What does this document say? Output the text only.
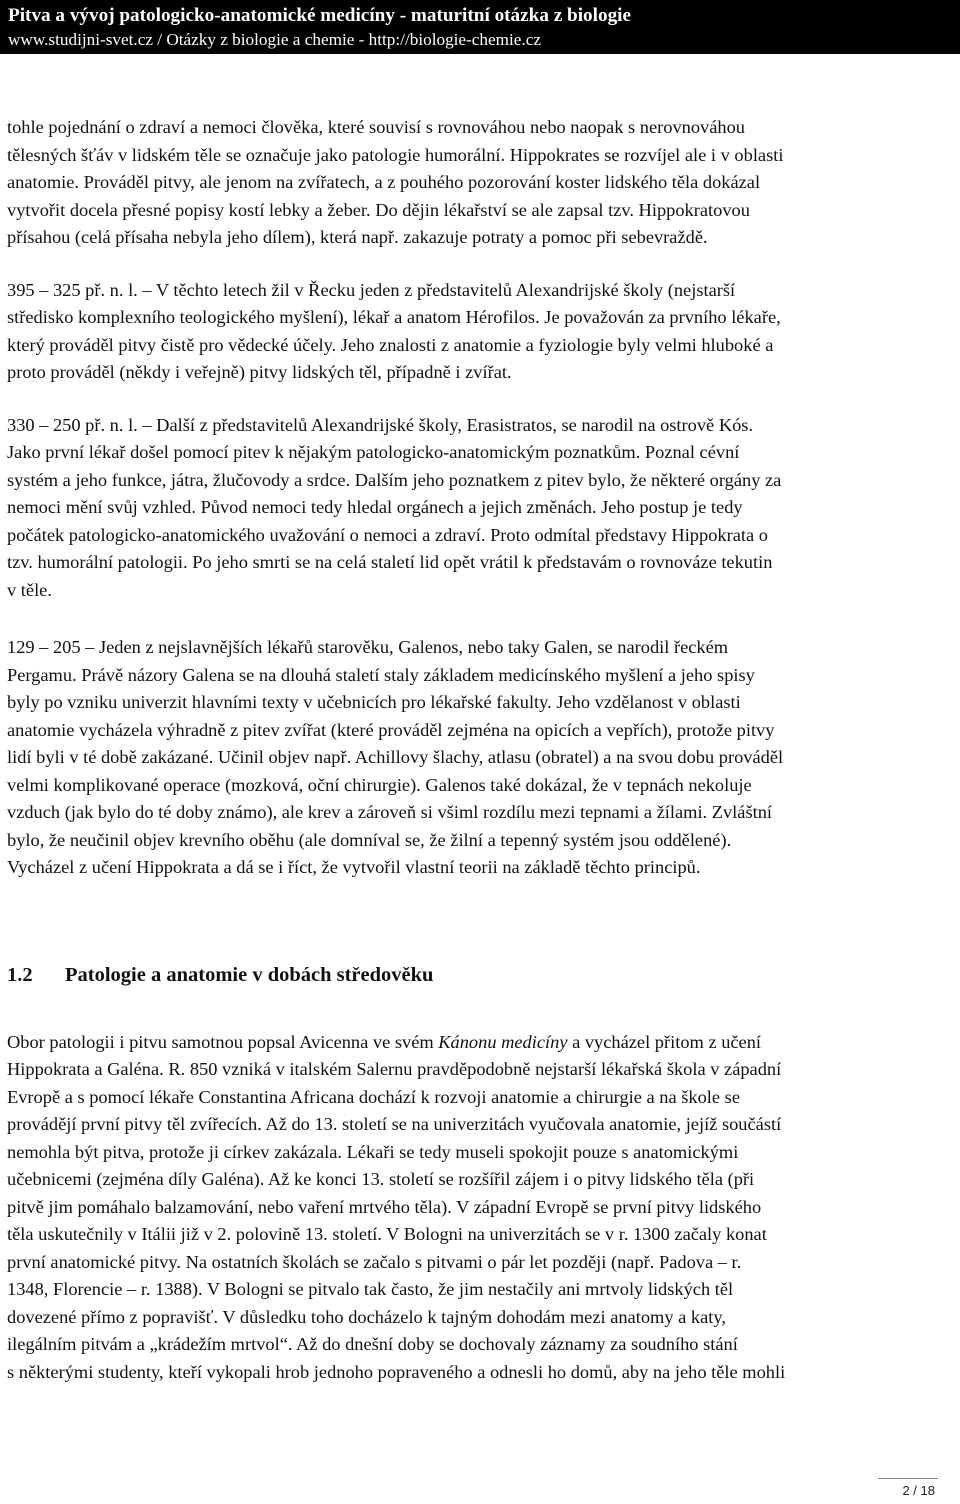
Pitva a vývoj patologicko-anatomické medicíny - maturitní otázka z biologie
www.studijni-svet.cz / Otázky z biologie a chemie - http://biologie-chemie.cz

tohle pojednání o zdraví a nemoci člověka, které souvisí s rovnováhou nebo naopak s nerovnováhou
tělesných šťáv v lidském těle se označuje jako patologie humorální. Hippokrates se rozvíjel ale i v oblasti
anatomie. Prováděl pitvy, ale jenom na zvířatech, a z pouhého pozorování koster lidského těla dokázal
vytvořit docela přesné popisy kostí lebky a žeber. Do dějin lékařství se ale zapsal tzv. Hippokratovou
přísahou (celá přísaha nebyla jeho dílem), která např. zakazuje potraty a pomoc při sebevraždě.

395 – 325 př. n. l. – V těchto letech žil v Řecku jeden z představitelů Alexandrijské školy (nejstarší
středisko komplexního teologického myšlení), lékař a anatom Hérofilos. Je považován za prvního lékaře,
který prováděl pitvy čistě pro vědecké účely. Jeho znalosti z anatomie a fyziologie byly velmi hluboké a
proto prováděl (někdy i veřejně) pitvy lidských těl, případně i zvířat.

330 – 250 př. n. l. – Další z představitelů Alexandrijské školy, Erasistratos, se narodil na ostrově Kós.
Jako první lékař došel pomocí pitev k nějakým patologicko-anatomickým poznatkům. Poznal cévní
systém a jeho funkce, játra, žlučovody a srdce. Dalším jeho poznatkem z pitev bylo, že některé orgány za
nemoci mění svůj vzhled. Původ nemoci tedy hledal orgánech a jejich změnách. Jeho postup je tedy
počátek patologicko-anatomického uvažování o nemoci a zdraví. Proto odmítal představy Hippokrata o
tzv. humorální patologii. Po jeho smrti se na celá staletí lid opět vrátil k představám o rovnováze tekutin
v těle.

129 – 205 – Jeden z nejslavnějších lékařů starověku, Galenos, nebo taky Galen, se narodil řeckém
Pergamu. Právě názory Galena se na dlouhá staletí staly základem medicínského myšlení a jeho spisy
byly po vzniku univerzit hlavními texty v učebnicích pro lékařské fakulty. Jeho vzdělanost v oblasti
anatomie vycházela výhradně z pitev zvířat (které prováděl zejména na opicích a vepřích), protože pitvy
lidí byli v té době zakázané. Učinil objev např. Achillovy šlachy, atlasu (obratel) a na svou dobu prováděl
velmi komplikované operace (mozková, oční chirurgie). Galenos také dokázal, že v tepnách nekoluje
vzduch (jak bylo do té doby známo), ale krev a zároveň si všiml rozdílu mezi tepnami a žílami. Zvláštní
bylo, že neučinil objev krevního oběhu (ale domníval se, že žilní a tepenný systém jsou oddělené).
Vycházel z učení Hippokrata a dá se i říct, že vytvořil vlastní teorii na základě těchto principů.

1.2 Patologie a anatomie v dobách středověku

Obor patologii i pitvu samotnou popsal Avicenna ve svém Kánonu medicíny a vycházel přitom z učení
Hippokrata a Galéna. R. 850 vzniká v italském Salernu pravděpodobně nejstarší lékařská škola v západní
Evropě a s pomocí lékaře Constantina Africana dochází k rozvoji anatomie a chirurgie a na škole se
provádějí první pitvy těl zvířecích. Až do 13. století se na univerzitách vyučovala anatomie, jejíž součástí
nemohla být pitva, protože ji církev zakázala. Lékaři se tedy museli spokojit pouze s anatomickými
učebnicemi (zejména díly Galéna). Až ke konci 13. století se rozšířil zájem i o pitvy lidského těla (při
pitvě jim pomáhalo balzamování, nebo vaření mrtvého těla). V západní Evropě se první pitvy lidského
těla uskutečnily v Itálii již v 2. polovině 13. století. V Bologni na univerzitách se v r. 1300 začaly konat
první anatomické pitvy. Na ostatních školách se začalo s pitvami o pár let později (např. Padova – r.
1348, Florencie – r. 1388). V Bologni se pitvalo tak často, že jim nestačily ani mrtvoly lidských těl
dovezené přímo z popravišť. V důsledku toho docházelo k tajným dohodám mezi anatomy a katy,
ilegálním pitvám a „krádežím mrtvol“. Až do dnešní doby se dochovaly záznamy za soudního stání
s některými studenty, kteří vykopali hrob jednoho popraveného a odnesli ho domů, aby na jeho těle mohli

2 / 18
